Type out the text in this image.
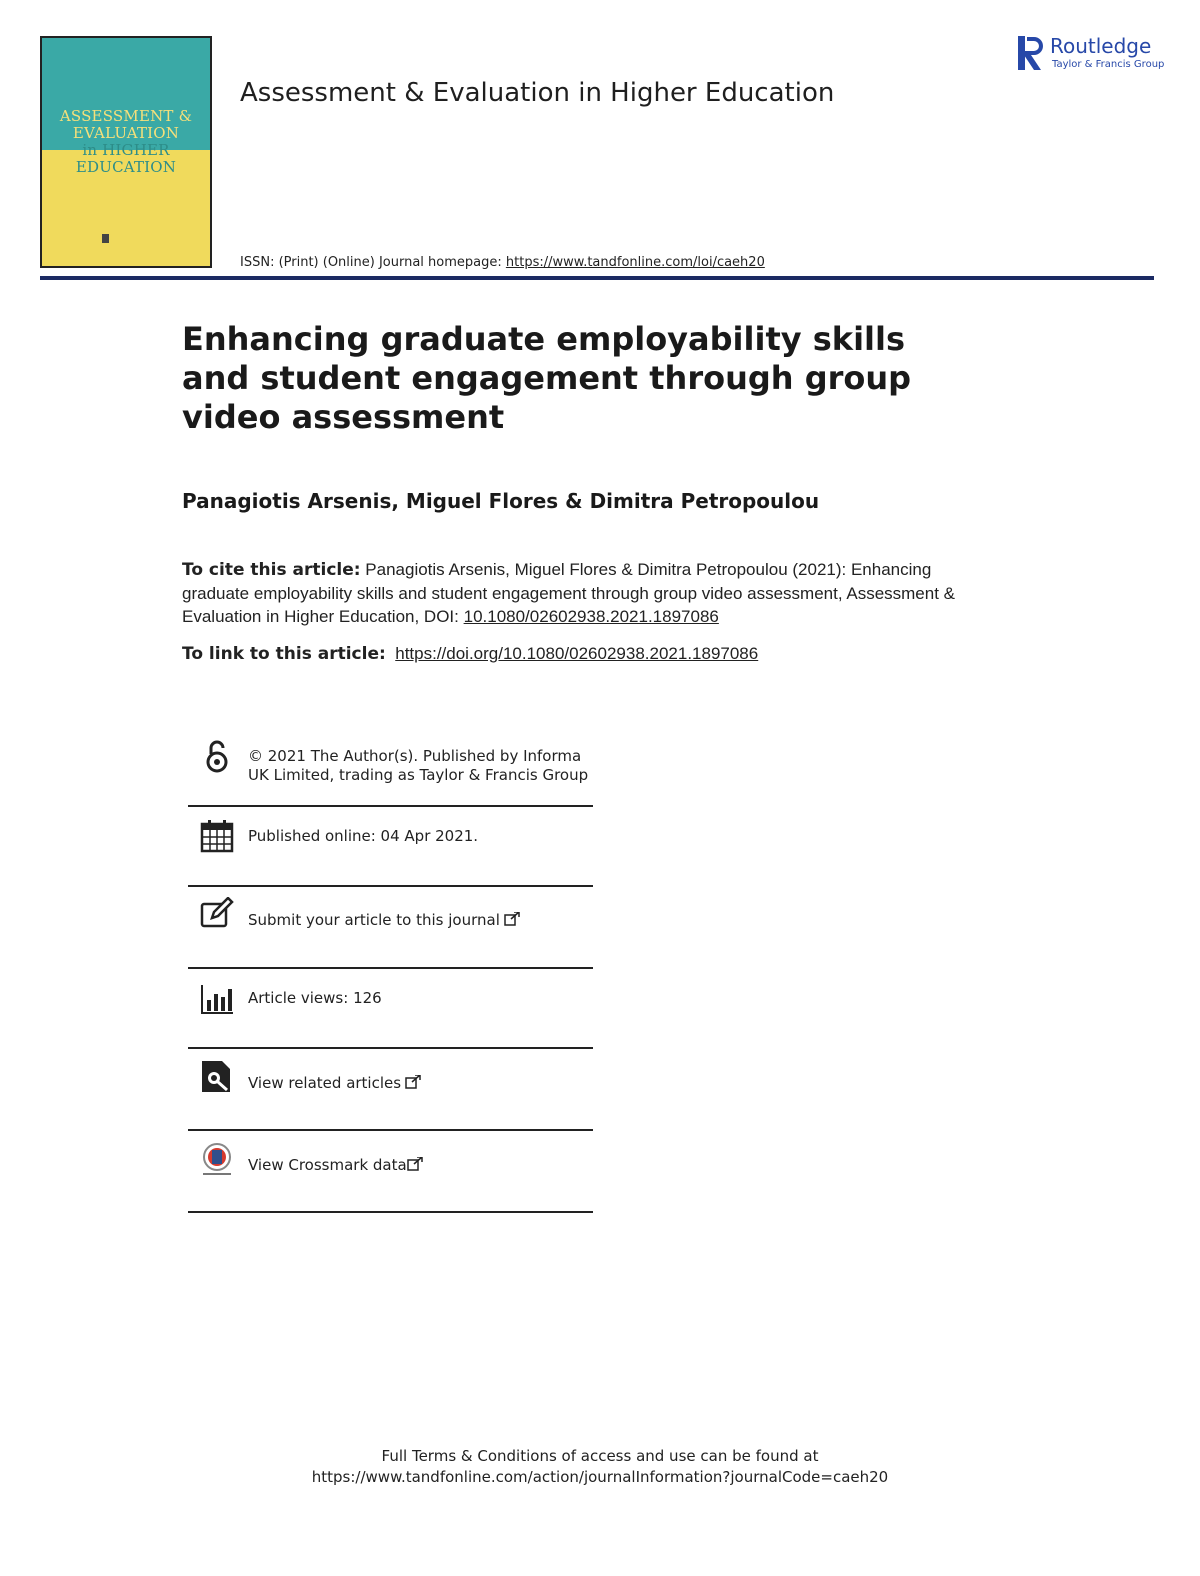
ASSESSMENT &
EVALUATION
in HIGHER
EDUCATION
Assessment & Evaluation in Higher Education
ISSN: (Print) (Online) Journal homepage: https://www.tandfonline.com/loi/caeh20
Routledge
Taylor & Francis Group
Enhancing graduate employability skills and student engagement through group video assessment
Panagiotis Arsenis, Miguel Flores & Dimitra Petropoulou
To cite this article: Panagiotis Arsenis, Miguel Flores & Dimitra Petropoulou (2021): Enhancing graduate employability skills and student engagement through group video assessment, Assessment & Evaluation in Higher Education, DOI: 10.1080/02602938.2021.1897086
To link to this article: https://doi.org/10.1080/02602938.2021.1897086
© 2021 The Author(s). Published by Informa UK Limited, trading as Taylor & Francis Group
Published online: 04 Apr 2021.
Submit your article to this journal
Article views: 126
View related articles
View Crossmark data
Full Terms & Conditions of access and use can be found at
https://www.tandfonline.com/action/journalInformation?journalCode=caeh20
